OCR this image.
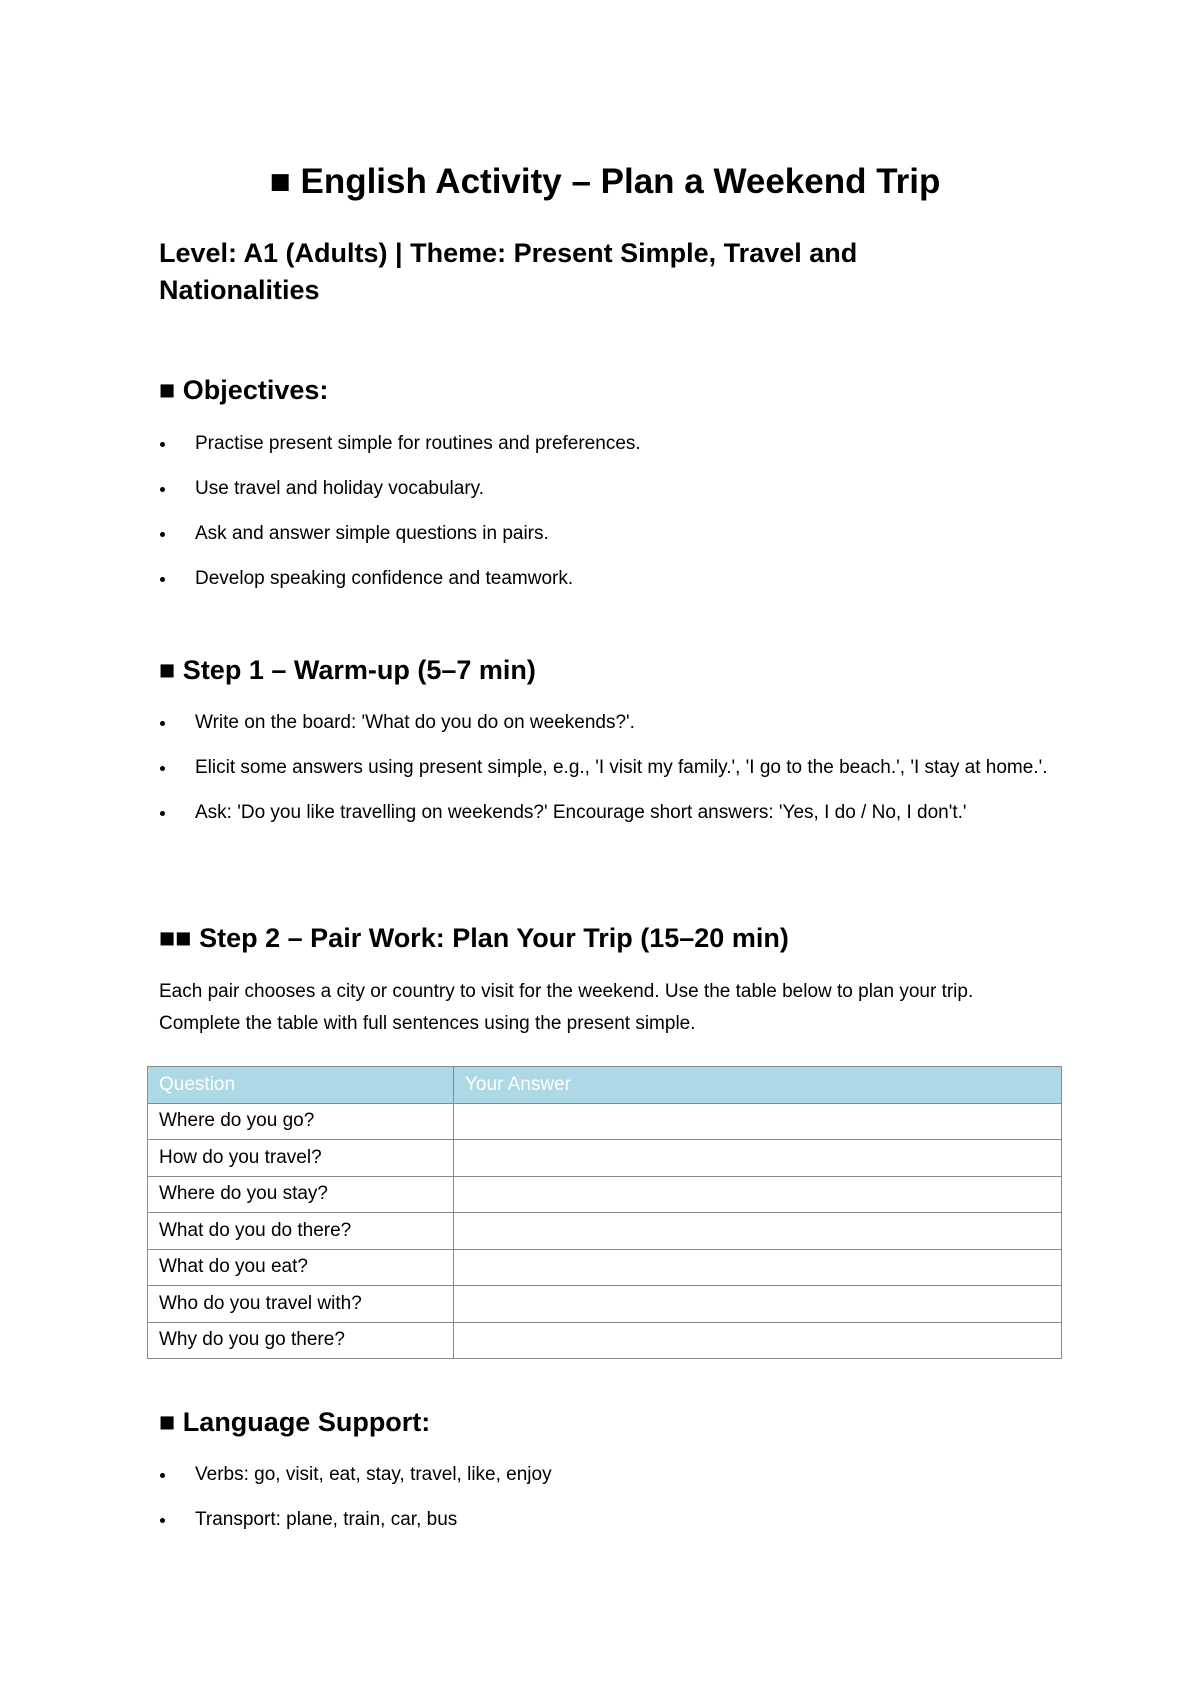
■ English Activity – Plan a Weekend Trip
Level: A1 (Adults) | Theme: Present Simple, Travel and Nationalities
■ Objectives:
Practise present simple for routines and preferences.
Use travel and holiday vocabulary.
Ask and answer simple questions in pairs.
Develop speaking confidence and teamwork.
■ Step 1 – Warm-up (5–7 min)
Write on the board: 'What do you do on weekends?'.
Elicit some answers using present simple, e.g., 'I visit my family.', 'I go to the beach.', 'I stay at home.'.
Ask: 'Do you like travelling on weekends?' Encourage short answers: 'Yes, I do / No, I don't.'
■■ Step 2 – Pair Work: Plan Your Trip (15–20 min)
Each pair chooses a city or country to visit for the weekend. Use the table below to plan your trip. Complete the table with full sentences using the present simple.
Question	Your Answer
Where do you go?	
How do you travel?	
Where do you stay?	
What do you do there?	
What do you eat?	
Who do you travel with?	
Why do you go there?	
■ Language Support:
Verbs: go, visit, eat, stay, travel, like, enjoy
Transport: plane, train, car, bus
